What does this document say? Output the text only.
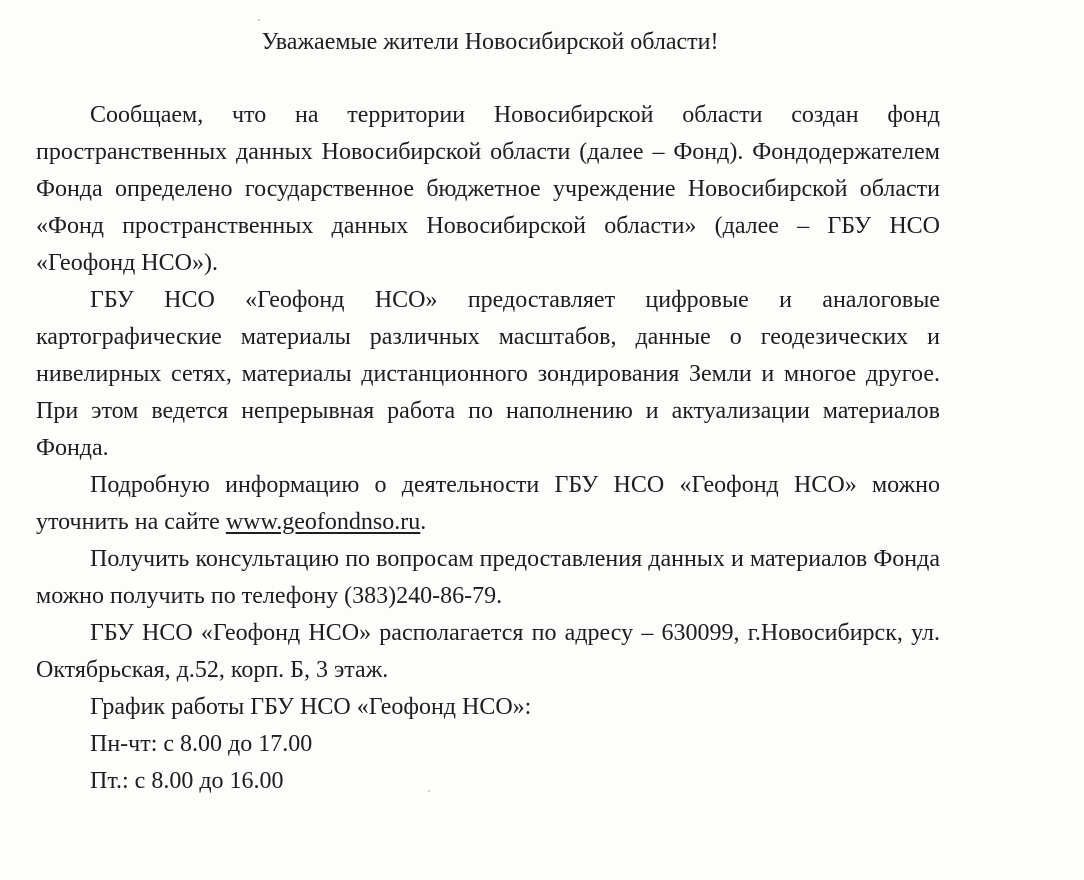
Уважаемые жители Новосибирской области!

Сообщаем, что на территории Новосибирской области создан фонд пространственных данных Новосибирской области (далее – Фонд). Фондодержателем Фонда определено государственное бюджетное учреждение Новосибирской области «Фонд пространственных данных Новосибирской области» (далее – ГБУ НСО «Геофонд НСО»).

ГБУ НСО «Геофонд НСО» предоставляет цифровые и аналоговые картографические материалы различных масштабов, данные о геодезических и нивелирных сетях, материалы дистанционного зондирования Земли и многое другое. При этом ведется непрерывная работа по наполнению и актуализации материалов Фонда.

Подробную информацию о деятельности ГБУ НСО «Геофонд НСО» можно уточнить на сайте www.geofondnso.ru.

Получить консультацию по вопросам предоставления данных и материалов Фонда можно получить по телефону (383)240-86-79.

ГБУ НСО «Геофонд НСО» располагается по адресу – 630099, г.Новосибирск, ул. Октябрьская, д.52, корп. Б, 3 этаж.

График работы ГБУ НСО «Геофонд НСО»:
Пн-чт: с 8.00 до 17.00
Пт.: с 8.00 до 16.00
